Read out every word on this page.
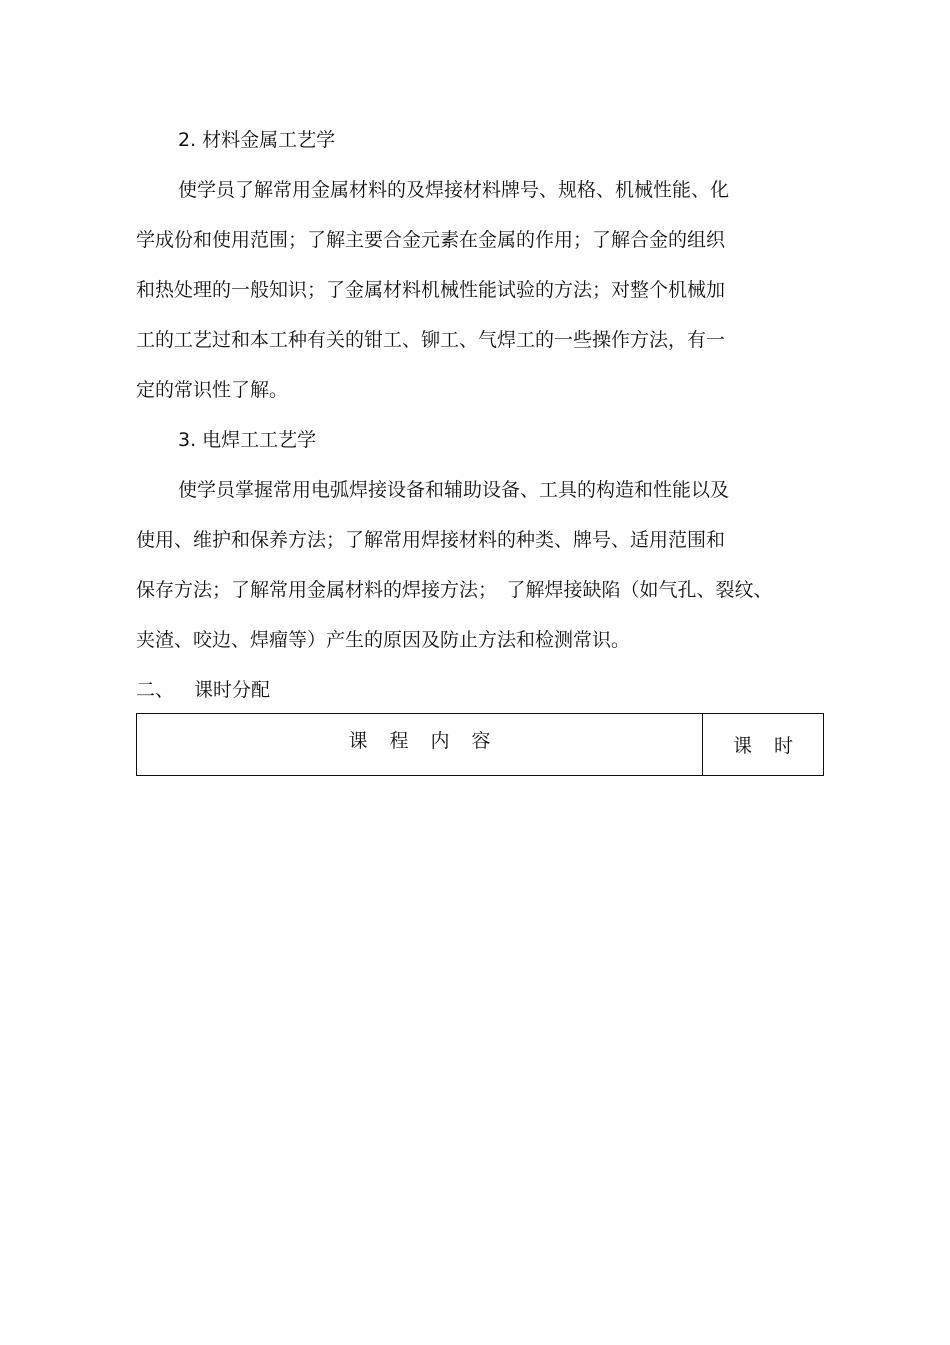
2. 材料金属工艺学
使学员了解常用金属材料的及焊接材料牌号、规格、机械性能、化
学成份和使用范围；了解主要合金元素在金属的作用；了解合金的组织
和热处理的一般知识；了金属材料机械性能试验的方法；对整个机械加
工的工艺过和本工种有关的钳工、铆工、气焊工的一些操作方法，有一
定的常识性了解。
3. 电焊工工艺学
使学员掌握常用电弧焊接设备和辅助设备、工具的构造和性能以及
使用、维护和保养方法；了解常用焊接材料的种类、牌号、适用范围和
保存方法；了解常用金属材料的焊接方法；　了解焊接缺陷（如气孔、裂纹、
夹渣、咬边、焊瘤等）产生的原因及防止方法和检测常识。
二、 课时分配
课程内容	课时
